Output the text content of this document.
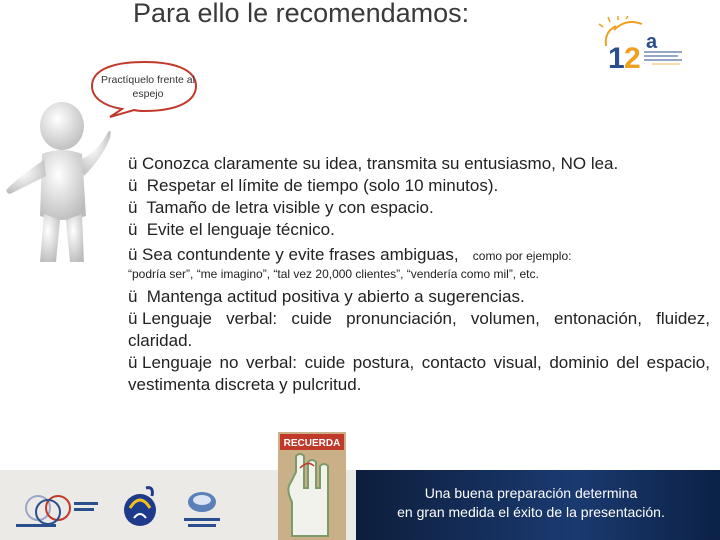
Para ello le recomendamos:
1 2 a
Practíquelo frente al espejo
ü Conozca claramente su idea, transmita su entusiasmo, NO lea.
ü Respetar el límite de tiempo (solo 10 minutos).
ü Tamaño de letra visible y con espacio.
ü Evite el lenguaje técnico.
ü Sea contundente y evite frases ambiguas, como por ejemplo:
“podría ser”, “me imagino”, “tal vez 20,000 clientes”, “vendería como mil”, etc.
ü Mantenga actitud positiva y abierto a sugerencias.
ü Lenguaje verbal: cuide pronunciación, volumen, entonación, fluidez, claridad.
ü Lenguaje no verbal: cuide postura, contacto visual, dominio del espacio, vestimenta discreta y pulcritud.
Una buena preparación determina
en gran medida el éxito de la presentación.
RECUERDA
